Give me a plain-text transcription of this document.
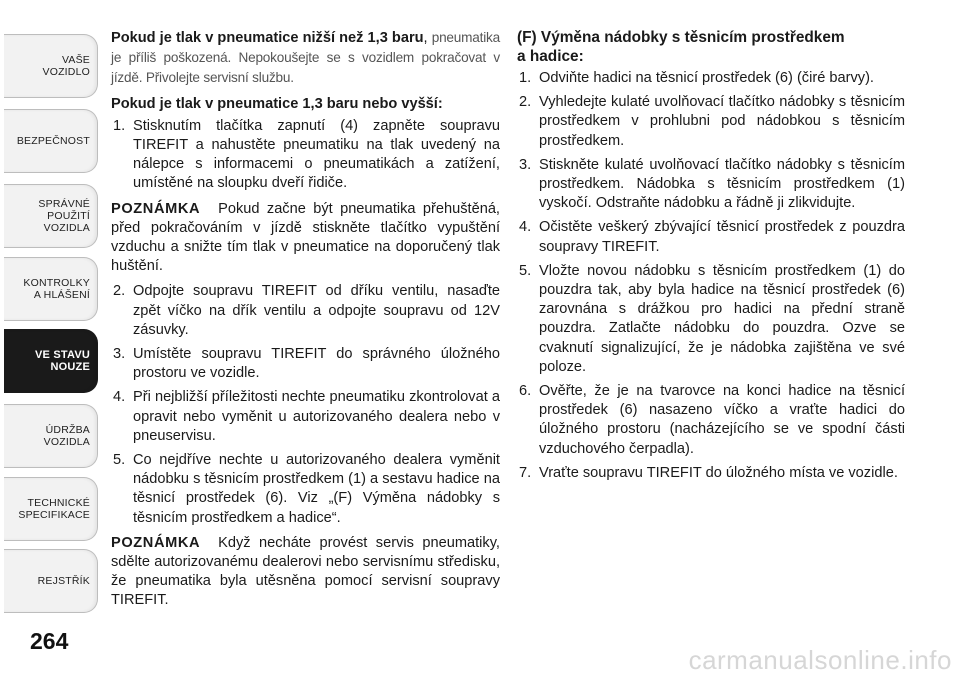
VAŠE
VOZIDLO
BEZPEČNOST
SPRÁVNÉ
POUŽITÍ
VOZIDLA
KONTROLKY
A HLÁŠENÍ
VE STAVU
NOUZE
ÚDRŽBA
VOZIDLA
TECHNICKÉ
SPECIFIKACE
REJSTŘÍK
264

Pokud je tlak v pneumatice nižší než 1,3 baru, pneumatika je příliš poškozená. Nepokoušejte se s vozidlem pokračovat v jízdě. Přivolejte servisní službu.

Pokud je tlak v pneumatice 1,3 baru nebo vyšší:

1. Stisknutím tlačítka zapnutí (4) zapněte soupravu TIREFIT a nahustěte pneumatiku na tlak uvedený na nálepce s informacemi o pneumatikách a zatížení, umístěné na sloupku dveří řidiče.

POZNÁMKA Pokud začne být pneumatika přehuštěná, před pokračováním v jízdě stiskněte tlačítko vypuštění vzduchu a snižte tím tlak v pneumatice na doporučený tlak huštění.

2. Odpojte soupravu TIREFIT od dříku ventilu, nasaďte zpět víčko na dřík ventilu a odpojte soupravu od 12V zásuvky.
3. Umístěte soupravu TIREFIT do správného úložného prostoru ve vozidle.
4. Při nejbližší příležitosti nechte pneumatiku zkontrolovat a opravit nebo vyměnit u autorizovaného dealera nebo v pneuservisu.
5. Co nejdříve nechte u autorizovaného dealera vyměnit nádobku s těsnicím prostředkem (1) a sestavu hadice na těsnicí prostředek (6). Viz „(F) Výměna nádobky s těsnicím prostředkem a hadice“.

POZNÁMKA Když necháte provést servis pneumatiky, sdělte autorizovanému dealerovi nebo servisnímu středisku, že pneumatika byla utěsněna pomocí servisní soupravy TIREFIT.

(F) Výměna nádobky s těsnicím prostředkem
a hadice:
1. Odviňte hadici na těsnicí prostředek (6) (čiré barvy).
2. Vyhledejte kulaté uvolňovací tlačítko nádobky s těsnicím prostředkem v prohlubni pod nádobkou s těsnicím prostředkem.
3. Stiskněte kulaté uvolňovací tlačítko nádobky s těsnicím prostředkem. Nádobka s těsnicím prostředkem (1) vyskočí. Odstraňte nádobku a řádně ji zlikvidujte.
4. Očistěte veškerý zbývající těsnicí prostředek z pouzdra soupravy TIREFIT.
5. Vložte novou nádobku s těsnicím prostředkem (1) do pouzdra tak, aby byla hadice na těsnicí prostředek (6) zarovnána s drážkou pro hadici na přední straně pouzdra. Zatlačte nádobku do pouzdra. Ozve se cvaknutí signalizující, že je nádobka zajištěna ve své poloze.
6. Ověřte, že je na tvarovce na konci hadice na těsnicí prostředek (6) nasazeno víčko a vraťte hadici do úložného prostoru (nacházejícího se ve spodní části vzduchového čerpadla).
7. Vraťte soupravu TIREFIT do úložného místa ve vozidle.
carmanualsonline.info
